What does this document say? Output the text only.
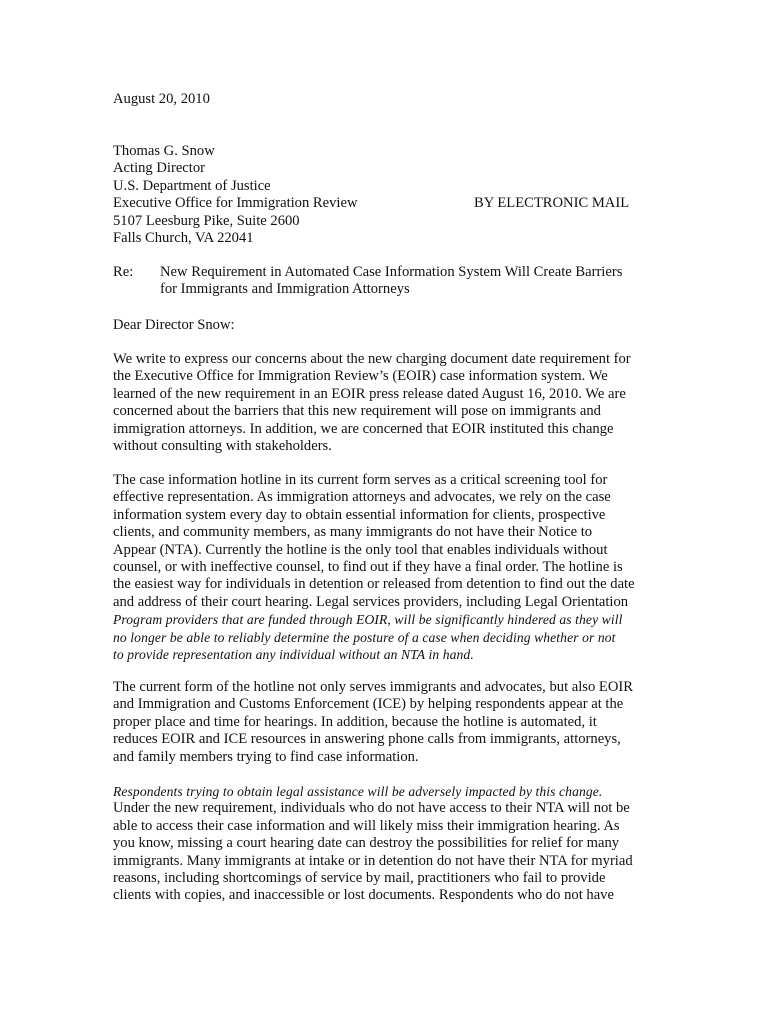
August 20, 2010
Thomas G. Snow
Acting Director
U.S. Department of Justice
Executive Office for Immigration Review	BY ELECTRONIC MAIL
5107 Leesburg Pike, Suite 2600
Falls Church, VA 22041
Re: New Requirement in Automated Case Information System Will Create Barriers
for Immigrants and Immigration Attorneys
Dear Director Snow:
We write to express our concerns about the new charging document date requirement for
the Executive Office for Immigration Review’s (EOIR) case information system. We
learned of the new requirement in an EOIR press release dated August 16, 2010. We are
concerned about the barriers that this new requirement will pose on immigrants and
immigration attorneys. In addition, we are concerned that EOIR instituted this change
without consulting with stakeholders.
The case information hotline in its current form serves as a critical screening tool for
effective representation. As immigration attorneys and advocates, we rely on the case
information system every day to obtain essential information for clients, prospective
clients, and community members, as many immigrants do not have their Notice to
Appear (NTA). Currently the hotline is the only tool that enables individuals without
counsel, or with ineffective counsel, to find out if they have a final order. The hotline is
the easiest way for individuals in detention or released from detention to find out the date
and address of their court hearing. Legal services providers, including Legal Orientation
Program providers that are funded through EOIR, will be significantly hindered as they will
no longer be able to reliably determine the posture of a case when deciding whether or not
to provide representation any individual without an NTA in hand.
The current form of the hotline not only serves immigrants and advocates, but also EOIR
and Immigration and Customs Enforcement (ICE) by helping respondents appear at the
proper place and time for hearings. In addition, because the hotline is automated, it
reduces EOIR and ICE resources in answering phone calls from immigrants, attorneys,
and family members trying to find case information.
Respondents trying to obtain legal assistance will be adversely impacted by this change.
Under the new requirement, individuals who do not have access to their NTA will not be
able to access their case information and will likely miss their immigration hearing. As
you know, missing a court hearing date can destroy the possibilities for relief for many
immigrants. Many immigrants at intake or in detention do not have their NTA for myriad
reasons, including shortcomings of service by mail, practitioners who fail to provide
clients with copies, and inaccessible or lost documents. Respondents who do not have
